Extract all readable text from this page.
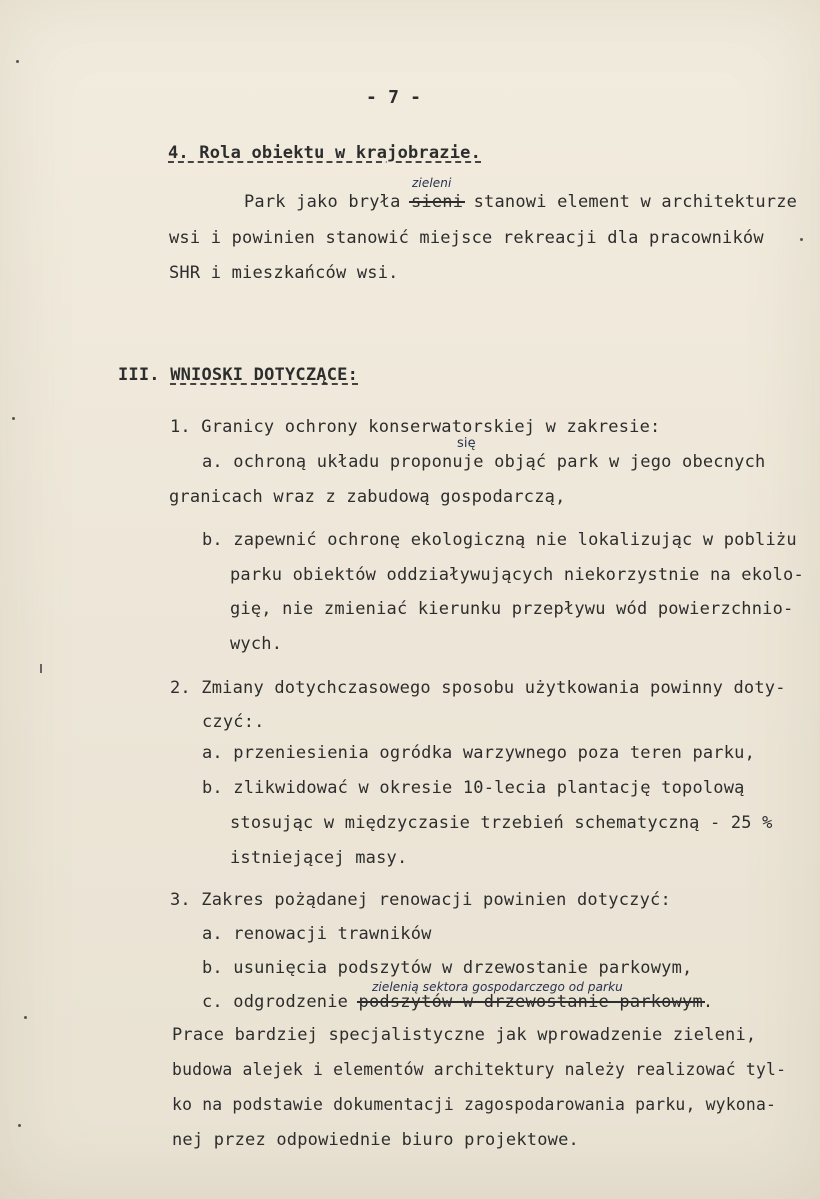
- 7 -
4. Rola obiektu w krajobrazie.
zieleni
Park jako bryła sieni stanowi element w architekturze
wsi i powinien stanowić miejsce rekreacji dla pracowników
SHR i mieszkańców wsi.
III. WNIOSKI DOTYCZĄCE:
1. Granicy ochrony konserwatorskiej w zakresie:
się
a. ochroną układu proponuje objąć park w jego obecnych
granicach wraz z zabudową gospodarczą,
b. zapewnić ochronę ekologiczną nie lokalizując w pobliżu
parku obiektów oddziaływujących niekorzystnie na ekolo-
gię, nie zmieniać kierunku przepływu wód powierzchnio-
wych.
2. Zmiany dotychczasowego sposobu użytkowania powinny doty-
czyć:.
a. przeniesienia ogródka warzywnego poza teren parku,
b. zlikwidować w okresie 10-lecia plantację topolową
stosując w międzyczasie trzebień schematyczną - 25 %
istniejącej masy.
3. Zakres pożądanej renowacji powinien dotyczyć:
a. renowacji trawników
b. usunięcia podszytów w drzewostanie parkowym,
zielenią sektora gospodarczego od parku
c. odgrodzenie podszytów w drzewostanie parkowym.
Prace bardziej specjalistyczne jak wprowadzenie zieleni,
budowa alejek i elementów architektury należy realizować tyl-
ko na podstawie dokumentacji zagospodarowania parku, wykona-
nej przez odpowiednie biuro projektowe.
